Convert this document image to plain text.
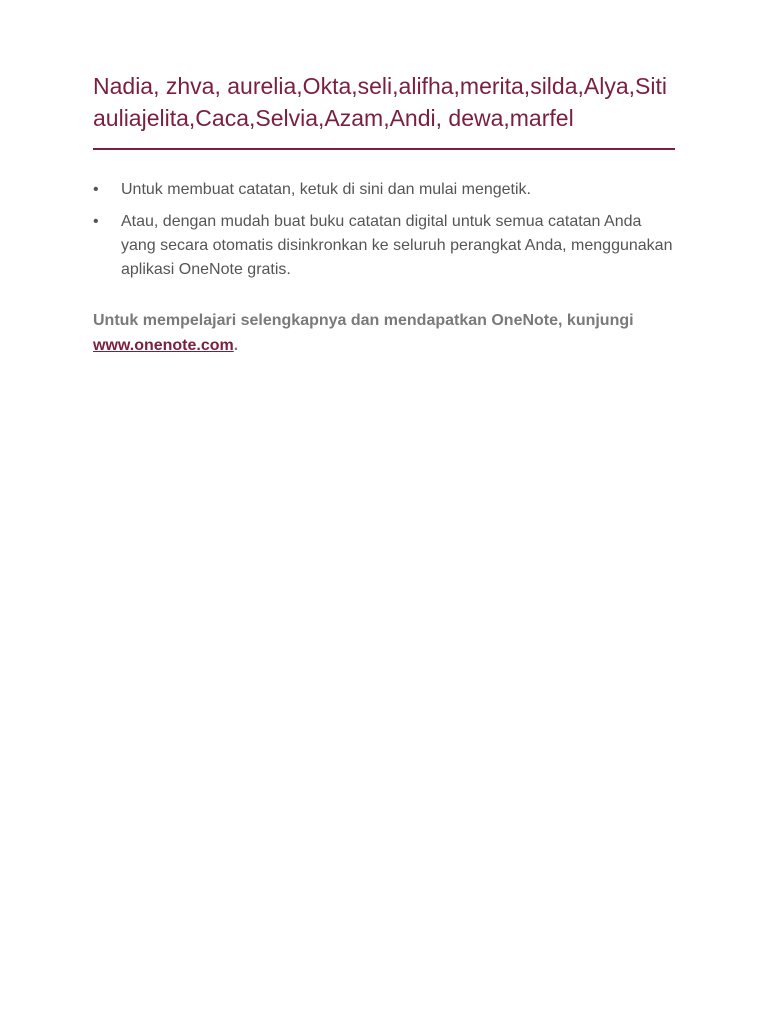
Nadia, zhva, aurelia,Okta,seli,alifha,merita,silda,Alya,Siti auliajelita,Caca,Selvia,Azam,Andi, dewa,marfel
• Untuk membuat catatan, ketuk di sini dan mulai mengetik.
• Atau, dengan mudah buat buku catatan digital untuk semua catatan Anda yang secara otomatis disinkronkan ke seluruh perangkat Anda, menggunakan aplikasi OneNote gratis.

Untuk mempelajari selengkapnya dan mendapatkan OneNote, kunjungi www.onenote.com.
